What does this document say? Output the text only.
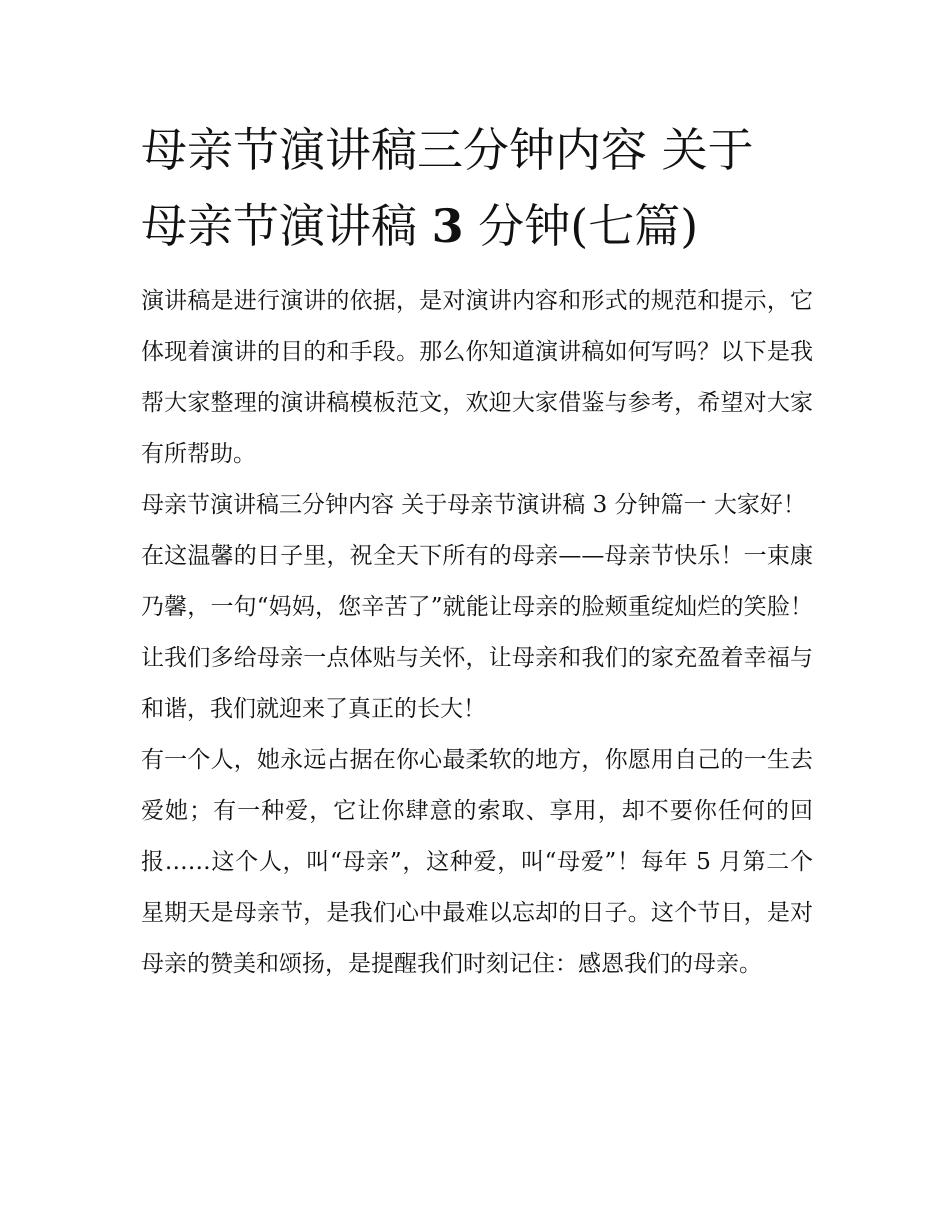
母亲节演讲稿三分钟内容 关于
母亲节演讲稿 3 分钟(七篇)

演讲稿是进行演讲的依据，是对演讲内容和形式的规范和提示，它体现着演讲的目的和手段。那么你知道演讲稿如何写吗？以下是我帮大家整理的演讲稿模板范文，欢迎大家借鉴与参考，希望对大家有所帮助。

母亲节演讲稿三分钟内容 关于母亲节演讲稿 3 分钟篇一 大家好！

在这温馨的日子里，祝全天下所有的母亲——母亲节快乐！一束康乃馨，一句“妈妈，您辛苦了”就能让母亲的脸颊重绽灿烂的笑脸！让我们多给母亲一点体贴与关怀，让母亲和我们的家充盈着幸福与和谐，我们就迎来了真正的长大！

有一个人，她永远占据在你心最柔软的地方，你愿用自己的一生去爱她；有一种爱，它让你肆意的索取、享用，却不要你任何的回报……这个人，叫“母亲”，这种爱，叫“母爱”！每年 5 月第二个星期天是母亲节，是我们心中最难以忘却的日子。这个节日，是对母亲的赞美和颂扬，是提醒我们时刻记住：感恩我们的母亲。
